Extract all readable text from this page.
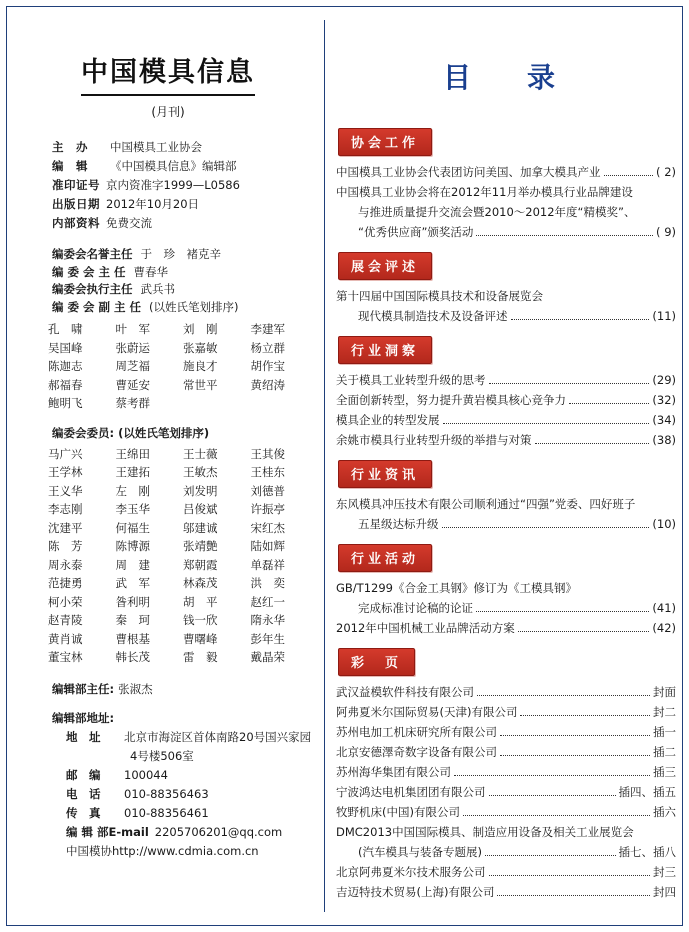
中国模具信息
(月刊)
主　办	中国模具工业协会
编　辑	《中国模具信息》编辑部
准印证号 京内资准字1999—L0586
出版日期 2012年10月20日
内部资料 免费交流
编委会名誉主任 于　珍　褚克辛
编 委 会 主 任 曹春华
编委会执行主任 武兵书
编 委 会 副 主 任 (以姓氏笔划排序)
孔　啸	叶　军	刘　刚	李建军
吴国峰	张蔚运	张嘉敏	杨立群
陈迦志	周芝福	施良才	胡作宝
郝福春	曹延安	常世平	黄绍涛
鲍明飞	蔡考群
编委会委员: (以姓氏笔划排序)
马广兴	王绵田	王士薇	王其俊
王学林	王建拓	王敏杰	王桂东
王义华	左　刚	刘发明	刘德普
李志刚	李玉华	吕俊斌	许振亭
沈建平	何福生	邬建诚	宋红杰
陈　芳	陈博源	张靖艶	陆如辉
周永泰	周　建	郑朝霞	单磊祥
范捷勇	武　军	林森茂	洪　奕
柯小荣	昝利明	胡　平	赵红一
赵青陵	秦　珂	钱一欣	隋永华
黄肖诚	曹根基	曹曙峰	彭年生
董宝林	韩长茂	雷　毅	戴晶荣
编辑部主任: 张淑杰
编辑部地址:
地　址	北京市海淀区首体南路20号国兴家园
4号楼506室
邮　编	100044
电　话	010-88356463
传　真	010-88356461
编 辑 部E-mail 2205706201@qq.com
中国模协http://www.cdmia.com.cn
目　录
协会工作
中国模具工业协会代表团访问美国、加拿大模具产业	( 2)
中国模具工业协会将在2012年11月举办模具行业品牌建设
与推进质量提升交流会暨2010～2012年度“精模奖”、
“优秀供应商”颁奖活动	( 9)
展会评述
第十四届中国国际模具技术和设备展览会
现代模具制造技术及设备评述	(11)
行业洞察
关于模具工业转型升级的思考	(29)
全面创新转型，努力提升黄岩模具核心竞争力	(32)
模具企业的转型发展	(34)
余姚市模具行业转型升级的举措与对策	(38)
行业资讯
东风模具冲压技术有限公司顺利通过“四强”党委、四好班子
五星级达标升级	(10)
行业活动
GB/T1299《合金工具钢》修订为《工模具钢》
完成标准讨论稿的论证	(41)
2012年中国机械工业品牌活动方案	(42)
彩　页
武汉益模软件科技有限公司	封面
阿弗夏米尔国际贸易(天津)有限公司	封二
苏州电加工机床研究所有限公司	插一
北京安德澤奇数字设备有限公司	插二
苏州海华集团有限公司	插三
宁波鸿达电机集团团有限公司	插四、插五
牧野机床(中国)有限公司	插六
DMC2013中国国际模具、制造应用设备及相关工业展览会
(汽车模具与装备专题展)	插七、插八
北京阿弗夏米尔技术服务公司	封三
吉迈特技术贸易(上海)有限公司	封四
